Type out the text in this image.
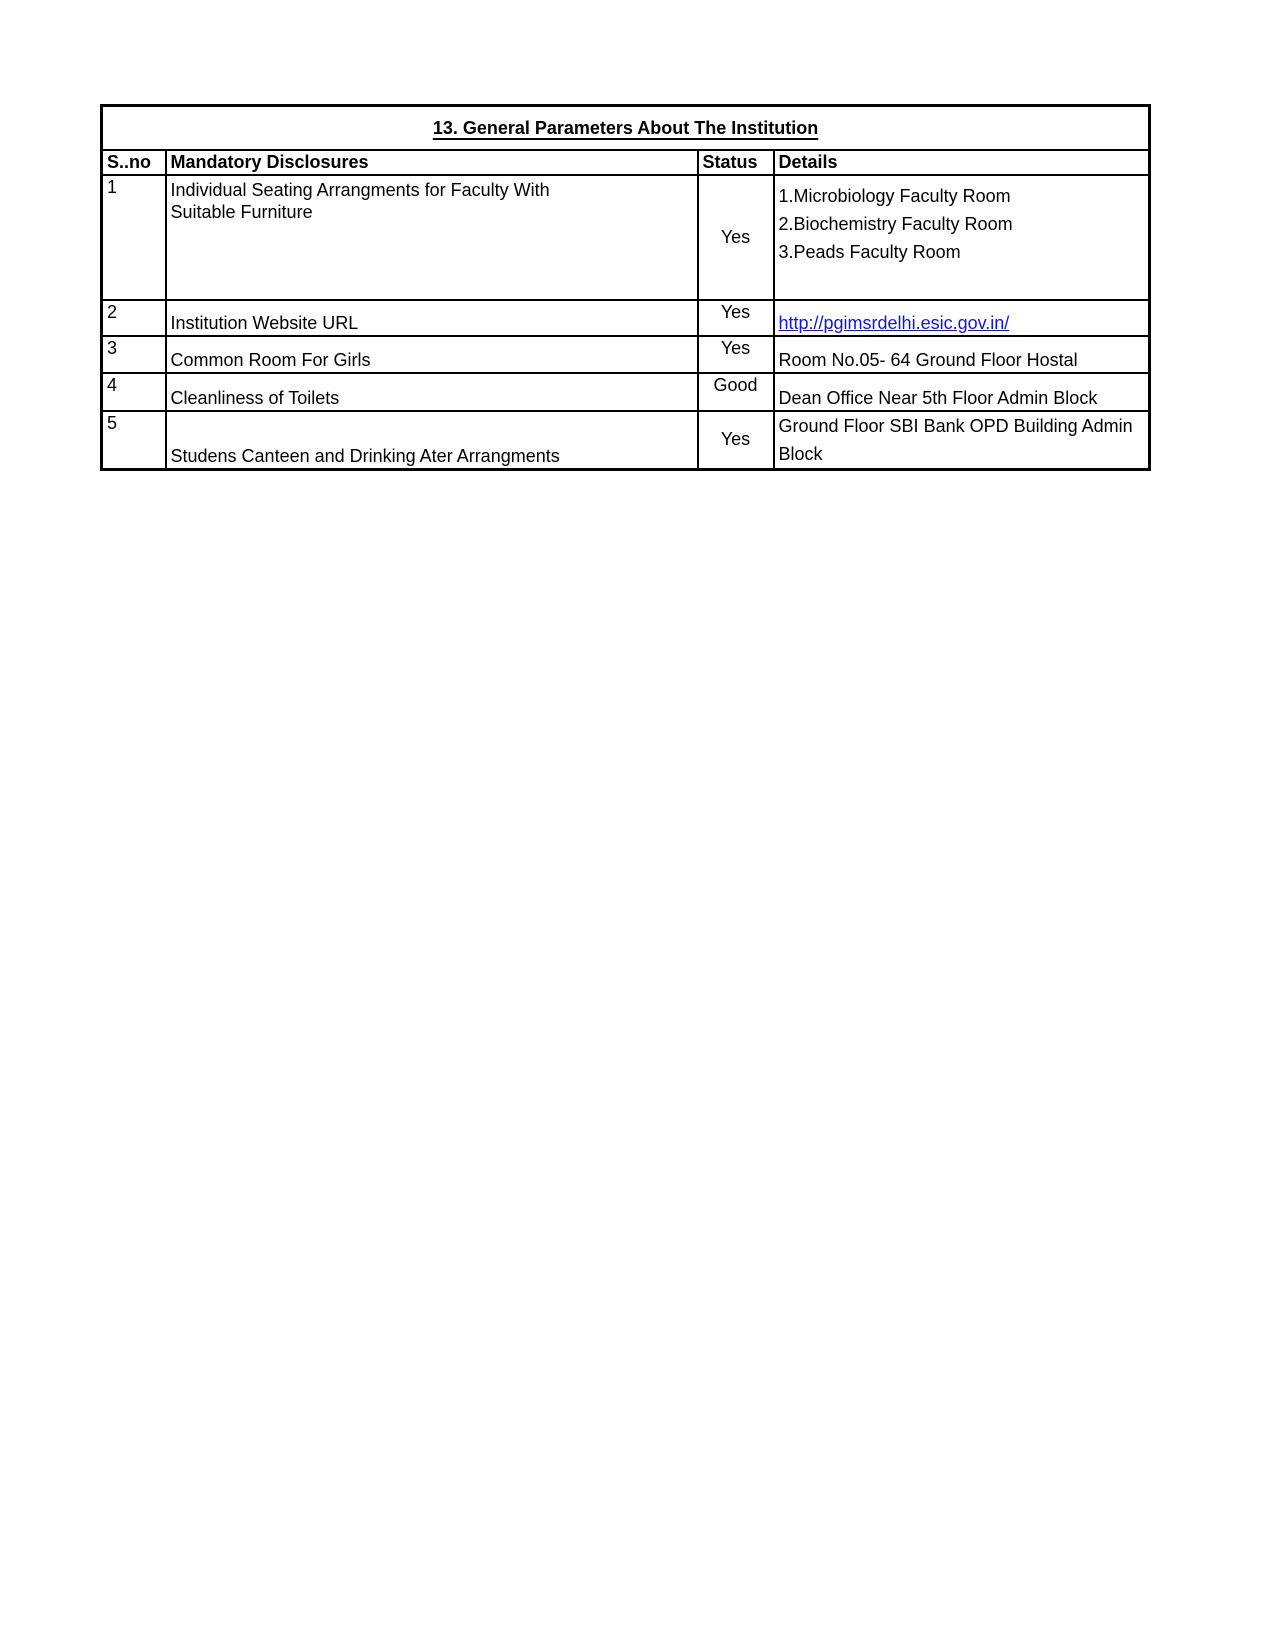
13. General Parameters About The Institution			
S..no	Mandatory Disclosures	Status	Details
1	Individual Seating Arrangments for Faculty With Suitable Furniture	Yes	1.Microbiology Faculty Room
2.Biochemistry Faculty Room
3.Peads Faculty Room

2	Institution Website URL	Yes	http://pgimsrdelhi.esic.gov.in/
3	Common Room For Girls	Yes	Room No.05- 64 Ground Floor Hostal

4	Cleanliness of Toilets	Good	Dean Office Near 5th Floor Admin Block

5	Studens Canteen and Drinking Ater Arrangments	Yes	Ground Floor SBI Bank OPD Building Admin Block
